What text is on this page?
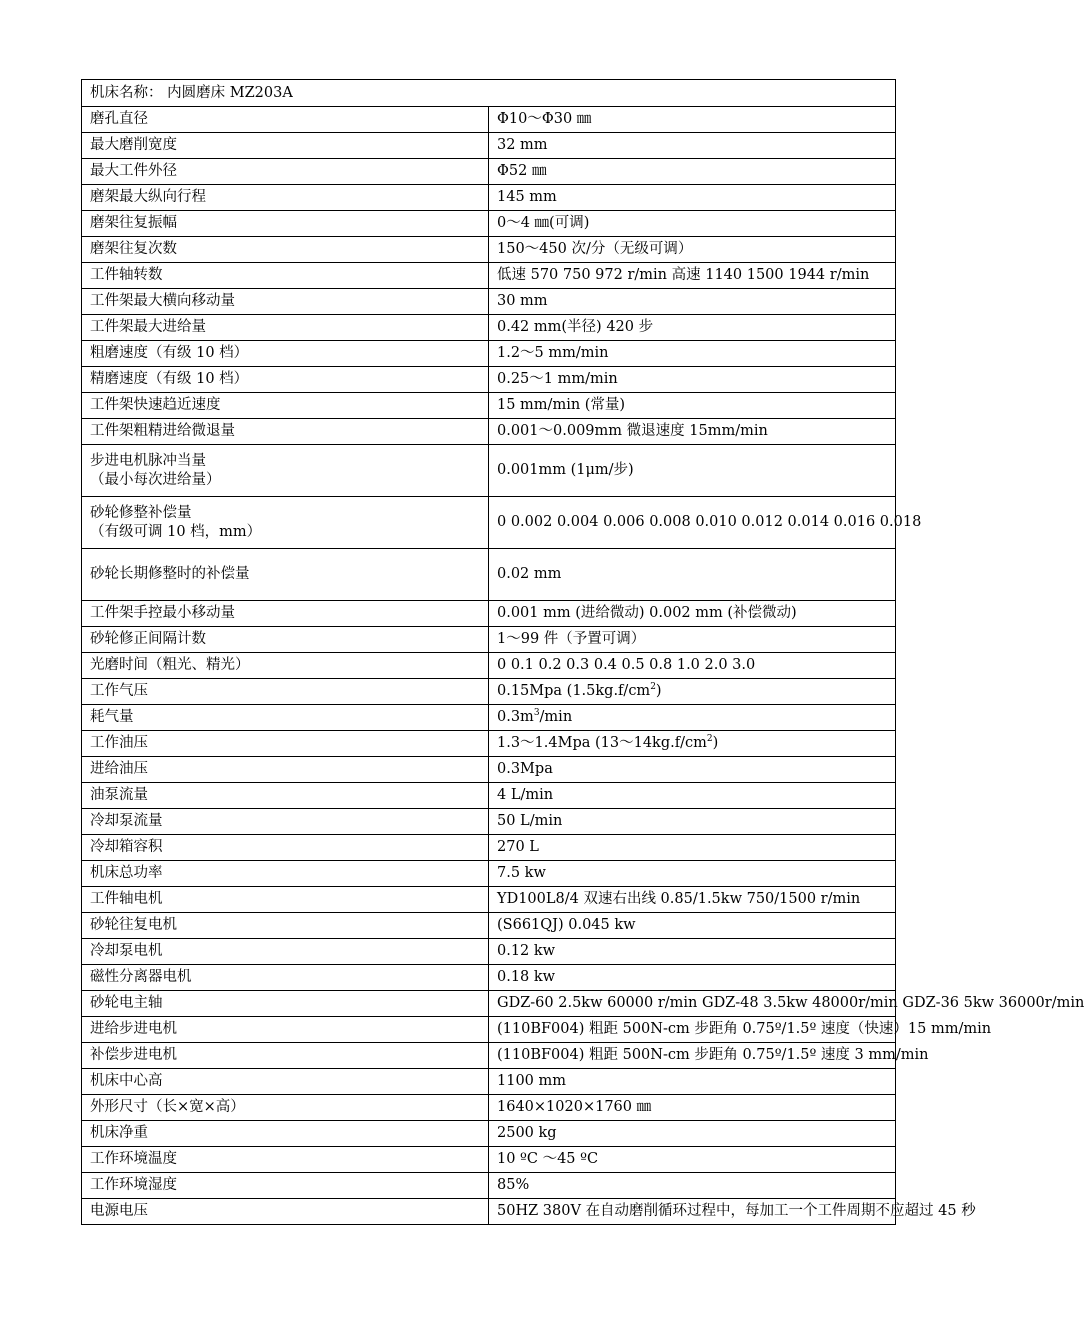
机床名称： 内圆磨床 MZ203A	
磨孔直径	Φ10～Φ30 ㎜
最大磨削宽度	32 mm
最大工件外径	Φ52 ㎜
磨架最大纵向行程	145 mm
磨架往复振幅	0～4 ㎜(可调)
磨架往复次数	150～450 次/分（无级可调）
工件轴转数	低速 570 750 972 r/min 高速 1140 1500 1944 r/min
工件架最大横向移动量	30 mm
工件架最大进给量	0.42 mm(半径) 420 步
粗磨速度（有级 10 档）	1.2～5 mm/min
精磨速度（有级 10 档）	0.25～1 mm/min
工件架快速趋近速度	15 mm/min (常量)
工件架粗精进给微退量	0.001～0.009mm 微退速度 15mm/min
步进电机脉冲当量
（最小每次进给量）	0.001mm (1μm/步)
砂轮修整补偿量
（有级可调 10 档，mm）	0 0.002 0.004 0.006 0.008 0.010 0.012 0.014 0.016 0.018
砂轮长期修整时的补偿量	0.02 mm
工件架手控最小移动量	0.001 mm (进给微动) 0.002 mm (补偿微动)
砂轮修正间隔计数	1～99 件（予置可调）
光磨时间（粗光、精光）	0 0.1 0.2 0.3 0.4 0.5 0.8 1.0 2.0 3.0
工作气压	0.15Mpa $(1.5kg.f/cm^2)$
耗气量	$0.3m^3/\min$
工作油压	1.3～1.4Mpa $(13\sim 14kg.f/cm^2)$
进给油压	0.3Mpa
油泵流量	4 L/min
冷却泵流量	50 L/min
冷却箱容积	270 L
机床总功率	7.5 kw
工件轴电机	YD100L8/4 双速右出线 0.85/1.5kw 750/1500 r/min
砂轮往复电机	(S661QJ) 0.045 kw
冷却泵电机	0.12 kw
磁性分离器电机	0.18 kw
砂轮电主轴	GDZ-60 2.5kw 60000 r/min GDZ-48 3.5kw 48000r/min GDZ-36 5kw 36000r/min
进给步进电机	(110BF004) 粗距 500N-cm 步距角 0.75º/1.5º 速度（快速）15 mm/min
补偿步进电机	(110BF004) 粗距 500N-cm 步距角 0.75º/1.5º 速度 3 mm/min
机床中心高	1100 mm
外形尺寸（长×宽×高）	1640×1020×1760 ㎜
机床净重	2500 kg
工作环境温度	10 ºC ～45 ºC
工作环境湿度	85%
电源电压	50HZ 380V 在自动磨削循环过程中，每加工一个工件周期不应超过 45 秒
